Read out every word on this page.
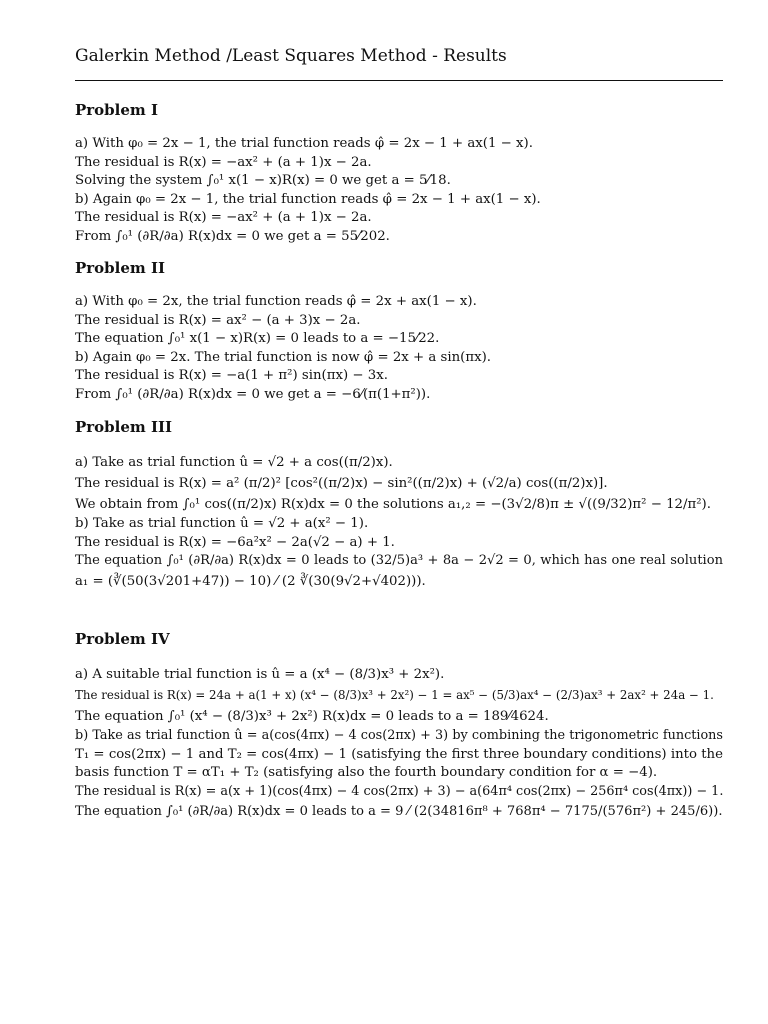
Galerkin Method /Least Squares Method - Results
Problem I
a) With φ₀ = 2x − 1, the trial function reads φ̂ = 2x − 1 + ax(1 − x).
The residual is R(x) = −ax² + (a + 1)x − 2a.
Solving the system ∫₀¹ x(1 − x)R(x) = 0 we get a = 5⁄18.
b) Again φ₀ = 2x − 1, the trial function reads φ̂ = 2x − 1 + ax(1 − x).
The residual is R(x) = −ax² + (a + 1)x − 2a.
From ∫₀¹ (∂R/∂a) R(x)dx = 0 we get a = 55⁄202.
Problem II
a) With φ₀ = 2x, the trial function reads φ̂ = 2x + ax(1 − x).
The residual is R(x) = ax² − (a + 3)x − 2a.
The equation ∫₀¹ x(1 − x)R(x) = 0 leads to a = −15⁄22.
b) Again φ₀ = 2x. The trial function is now φ̂ = 2x + a sin(πx).
The residual is R(x) = −a(1 + π²) sin(πx) − 3x.
From ∫₀¹ (∂R/∂a) R(x)dx = 0 we get a = −6⁄(π(1+π²)).
Problem III
a) Take as trial function û = √2 + a cos((π/2)x).
The residual is R(x) = a² (π/2)² [cos²((π/2)x) − sin²((π/2)x) + (√2/a) cos((π/2)x)].
We obtain from ∫₀¹ cos((π/2)x) R(x)dx = 0 the solutions a₁,₂ = −(3√2/8)π ± √((9/32)π² − 12/π²).
b) Take as trial function û = √2 + a(x² − 1).
The residual is R(x) = −6a²x² − 2a(√2 − a) + 1.
The equation ∫₀¹ (∂R/∂a) R(x)dx = 0 leads to (32/5)a³ + 8a − 2√2 = 0, which has one real solution
a₁ = (∛(50(3√201+47)) − 10) ⁄ (2 ∛(30(9√2+√402))).
Problem IV
a) A suitable trial function is û = a (x⁴ − (8/3)x³ + 2x²).
The residual is R(x) = 24a + a(1 + x) (x⁴ − (8/3)x³ + 2x²) − 1 = ax⁵ − (5/3)ax⁴ − (2/3)ax³ + 2ax² + 24a − 1.
The equation ∫₀¹ (x⁴ − (8/3)x³ + 2x²) R(x)dx = 0 leads to a = 189⁄4624.
b) Take as trial function û = a(cos(4πx) − 4 cos(2πx) + 3) by combining the trigonometric functions
T₁ = cos(2πx) − 1 and T₂ = cos(4πx) − 1 (satisfying the first three boundary conditions) into the
basis function T = αT₁ + T₂ (satisfying also the fourth boundary condition for α = −4).
The residual is R(x) = a(x + 1)(cos(4πx) − 4 cos(2πx) + 3) − a(64π⁴ cos(2πx) − 256π⁴ cos(4πx)) − 1.
The equation ∫₀¹ (∂R/∂a) R(x)dx = 0 leads to a = 9 ⁄ (2(34816π⁸ + 768π⁴ − 7175/(576π²) + 245/6)).
